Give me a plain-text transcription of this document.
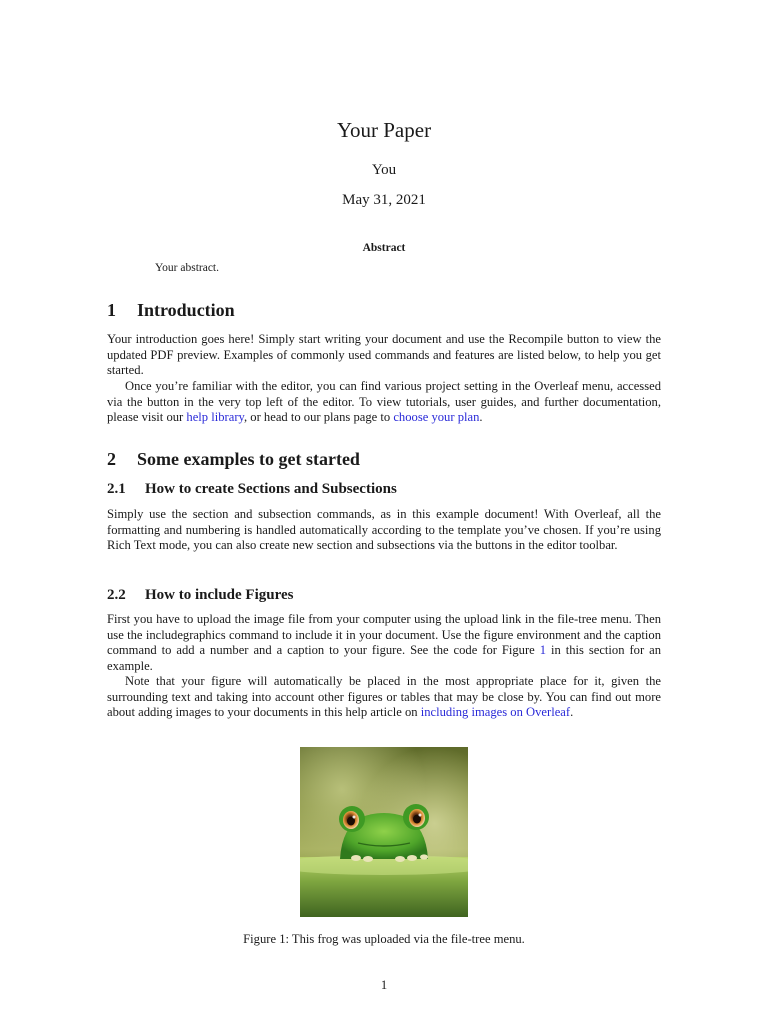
Your Paper
You
May 31, 2021
Abstract
Your abstract.
1 Introduction

Your introduction goes here! Simply start writing your document and use the Recompile button to view the updated PDF preview. Examples of commonly used commands and features are listed below, to help you get started.

Once you’re familiar with the editor, you can find various project setting in the Overleaf menu, accessed via the button in the very top left of the editor. To view tutorials, user guides, and further documentation, please visit our help library, or head to our plans page to choose your plan.

2 Some examples to get started
2.1 How to create Sections and Subsections

Simply use the section and subsection commands, as in this example document! With Overleaf, all the formatting and numbering is handled automatically according to the template you’ve chosen. If you’re using Rich Text mode, you can also create new section and subsections via the buttons in the editor toolbar.

2.2 How to include Figures

First you have to upload the image file from your computer using the upload link in the file-tree menu. Then use the includegraphics command to include it in your document. Use the figure environment and the caption command to add a number and a caption to your figure. See the code for Figure 1 in this section for an example.

Note that your figure will automatically be placed in the most appropriate place for it, given the surrounding text and taking into account other figures or tables that may be close by. You can find out more about adding images to your documents in this help article on including images on Overleaf.

Figure 1: This frog was uploaded via the file-tree menu.
1
